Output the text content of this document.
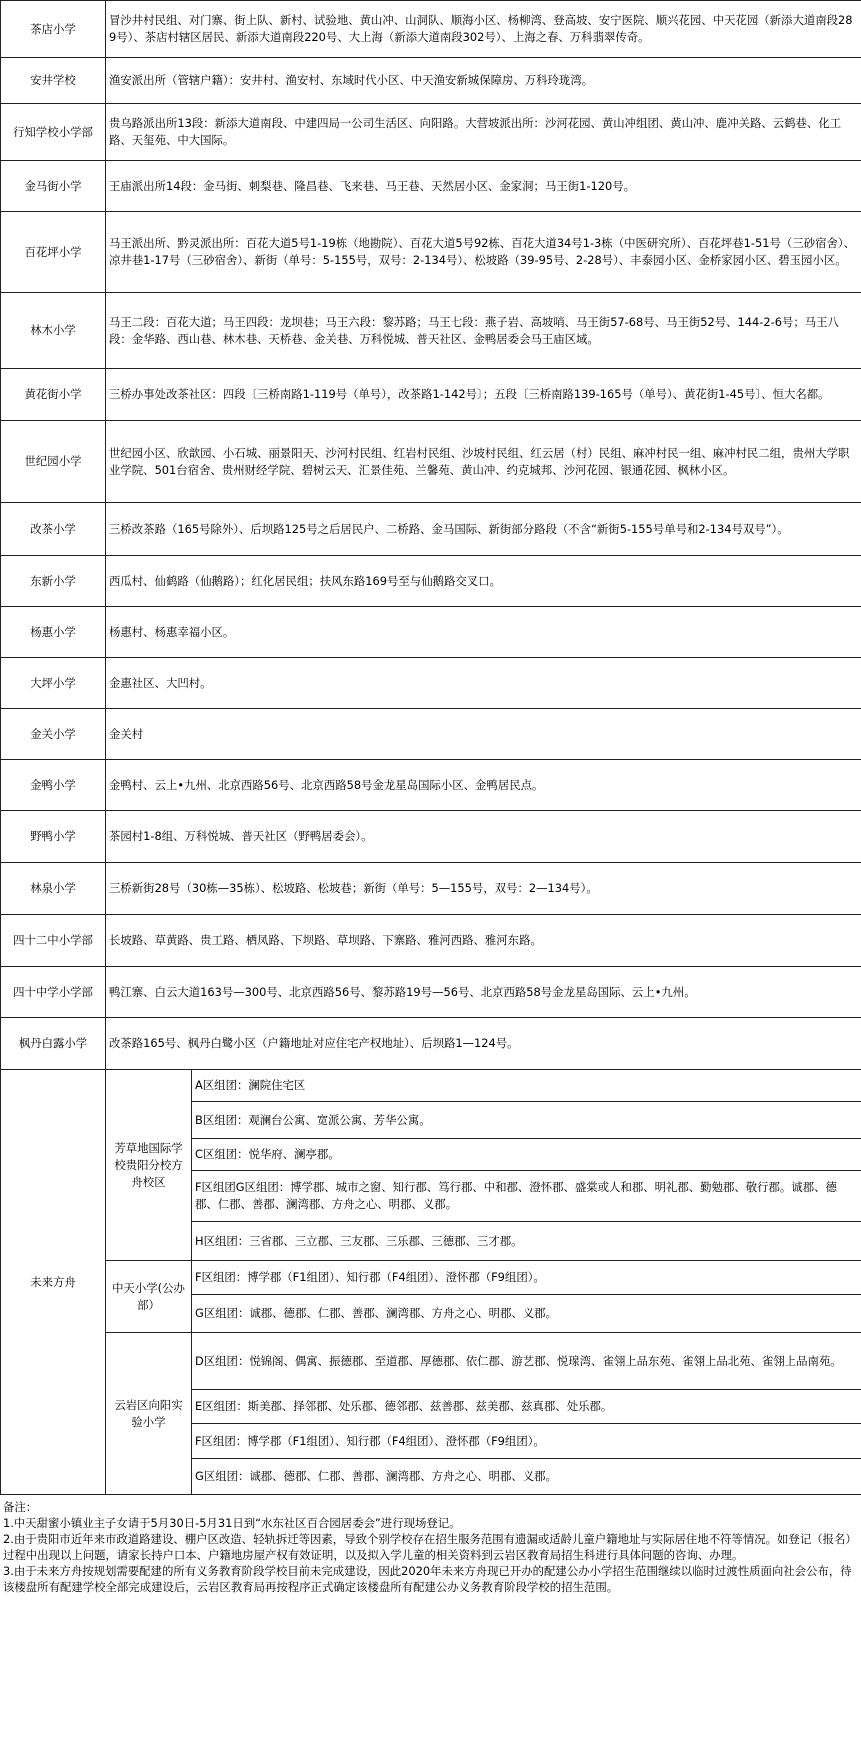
茶店小学	冒沙井村民组、对门寨、街上队、新村、试验地、黄山冲、山洞队、顺海小区、杨柳湾、登高坡、安宁医院、顺兴花园、中天花园（新添大道南段289号）、茶店村辖区居民、新添大道南段220号、大上海（新添大道南段302号）、上海之春、万科翡翠传奇。	
安井学校	渔安派出所（管辖户籍）：安井村、渔安村、东域时代小区、中天渔安新城保障房、万科玲珑湾。	
行知学校小学部	贵乌路派出所13段：新添大道南段、中建四局一公司生活区、向阳路。大营坡派出所：沙河花园、黄山冲组团、黄山冲、鹿冲关路、云鹤巷、化工路、天玺苑、中大国际。	
金马街小学	王庙派出所14段：金马街、刺梨巷、隆昌巷、飞来巷、马王巷、天然居小区、金家洞；马王街1-120号。	
百花坪小学	马王派出所、黔灵派出所：百花大道5号1-19栋（地勘院）、百花大道5号92栋、百花大道34号1-3栋（中医研究所）、百花坪巷1-51号（三砂宿舍）、凉井巷1-17号（三砂宿舍）、新街（单号：5-155号，双号：2-134号）、松坡路（39-95号、2-28号）、丰泰园小区、金桥家园小区、碧玉园小区。	
林木小学	马王二段：百花大道；马王四段：龙坝巷；马王六段：黎苏路；马王七段：燕子岩、高坡哨、马王街57-68号、马王街52号、144-2-6号；马王八段：金华路、西山巷、林木巷、天桥巷、金关巷、万科悦城、普天社区、金鸭居委会马王庙区域。	
黄花街小学	三桥办事处改茶社区：四段〔三桥南路1-119号（单号），改茶路1-142号〕；五段〔三桥南路139-165号（单号）、黄花街1-45号〕、恒大名都。	
世纪园小学	世纪园小区、欣歆园、小石城、丽景阳天、沙河村民组、红岩村民组、沙坡村民组、红云居（村）民组、麻冲村民一组、麻冲村民二组，贵州大学职业学院、501台宿舍、贵州财经学院、碧树云天、汇景佳苑、兰馨苑、黄山冲、约克城邦、沙河花园、银通花园、枫林小区。	
改茶小学	三桥改茶路（165号除外）、后坝路125号之后居民户、二桥路、金马国际、新街部分路段（不含“新街5-155号单号和2-134号双号”）。	
东新小学	西瓜村、仙鹤路（仙鹅路）；红化居民组；扶风东路169号至与仙鹅路交叉口。	
杨惠小学	杨惠村、杨惠幸福小区。	
大坪小学	金惠社区、大凹村。	
金关小学	金关村	
金鸭小学	金鸭村、云上•九州、北京西路56号、北京西路58号金龙星岛国际小区、金鸭居民点。	
野鸭小学	茶园村1-8组、万科悦城、普天社区（野鸭居委会）。	
林泉小学	三桥新街28号（30栋—35栋）、松坡路、松坡巷；新街（单号：5—155号，双号：2—134号）。	
四十二中小学部	长坡路、草黄路、贵工路、栖凤路、下坝路、草坝路、下寨路、雅河西路、雅河东路。	
四十中学小学部	鸭江寨、白云大道163号—300号、北京西路56号、黎苏路19号—56号、北京西路58号金龙星岛国际、云上•九州。	
枫丹白露小学	改茶路165号、枫丹白鹭小区（户籍地址对应住宅产权地址）、后坝路1—124号。	
未来方舟	芳草地国际学校贵阳分校方舟校区	A区组团：澜院住宅区
		B区组团：观澜台公寓、宽派公寓、芳华公寓。
		C区组团：悦华府、澜亭郡。
		F区组团G区组团：博学郡、城市之窗、知行郡、笃行郡、中和郡、澄怀郡、盛棠或人和郡、明礼郡、勤勉郡、敬行郡。诚郡、德郡、仁郡、善郡、澜湾郡、方舟之心、明郡、义郡。
		H区组团：三省郡、三立郡、三友郡、三乐郡、三德郡、三才郡。
	中天小学(公办部）	F区组团：博学郡（F1组团）、知行郡（F4组团）、澄怀郡（F9组团）。
		G区组团：诚郡、德郡、仁郡、善郡、澜湾郡、方舟之心、明郡、义郡。
	云岩区向阳实验小学	D区组团：悦锦阁、偶寓、振德郡、至道郡、厚德郡、依仁郡、游艺郡、悦瑔湾、雀翎上品东苑、雀翎上品北苑、雀翎上品南苑。
		E区组团：斯美郡、择邻郡、处乐郡、德邻郡、兹善郡、兹美郡、兹真郡、处乐郡。
		F区组团：博学郡（F1组团）、知行郡（F4组团）、澄怀郡（F9组团）。
		G区组团：诚郡、德郡、仁郡、善郡、澜湾郡、方舟之心、明郡、义郡。
备注：
1.中天甜蜜小镇业主子女请于5月30日-5月31日到“水东社区百合园居委会”进行现场登记。
2.由于贵阳市近年来市政道路建设、棚户区改造、轻轨拆迁等因素，导致个别学校存在招生服务范围有遗漏或适龄儿童户籍地址与实际居住地不符等情况。如登记（报名）过程中出现以上问题，请家长持户口本、户籍地房屋产权有效证明，以及拟入学儿童的相关资料到云岩区教育局招生科进行具体问题的咨询、办理。
3.由于未来方舟按规划需要配建的所有义务教育阶段学校目前未完成建设，因此2020年未来方舟现已开办的配建公办小学招生范围继续以临时过渡性质面向社会公布，待该楼盘所有配建学校全部完成建设后，云岩区教育局再按程序正式确定该楼盘所有配建公办义务教育阶段学校的招生范围。
